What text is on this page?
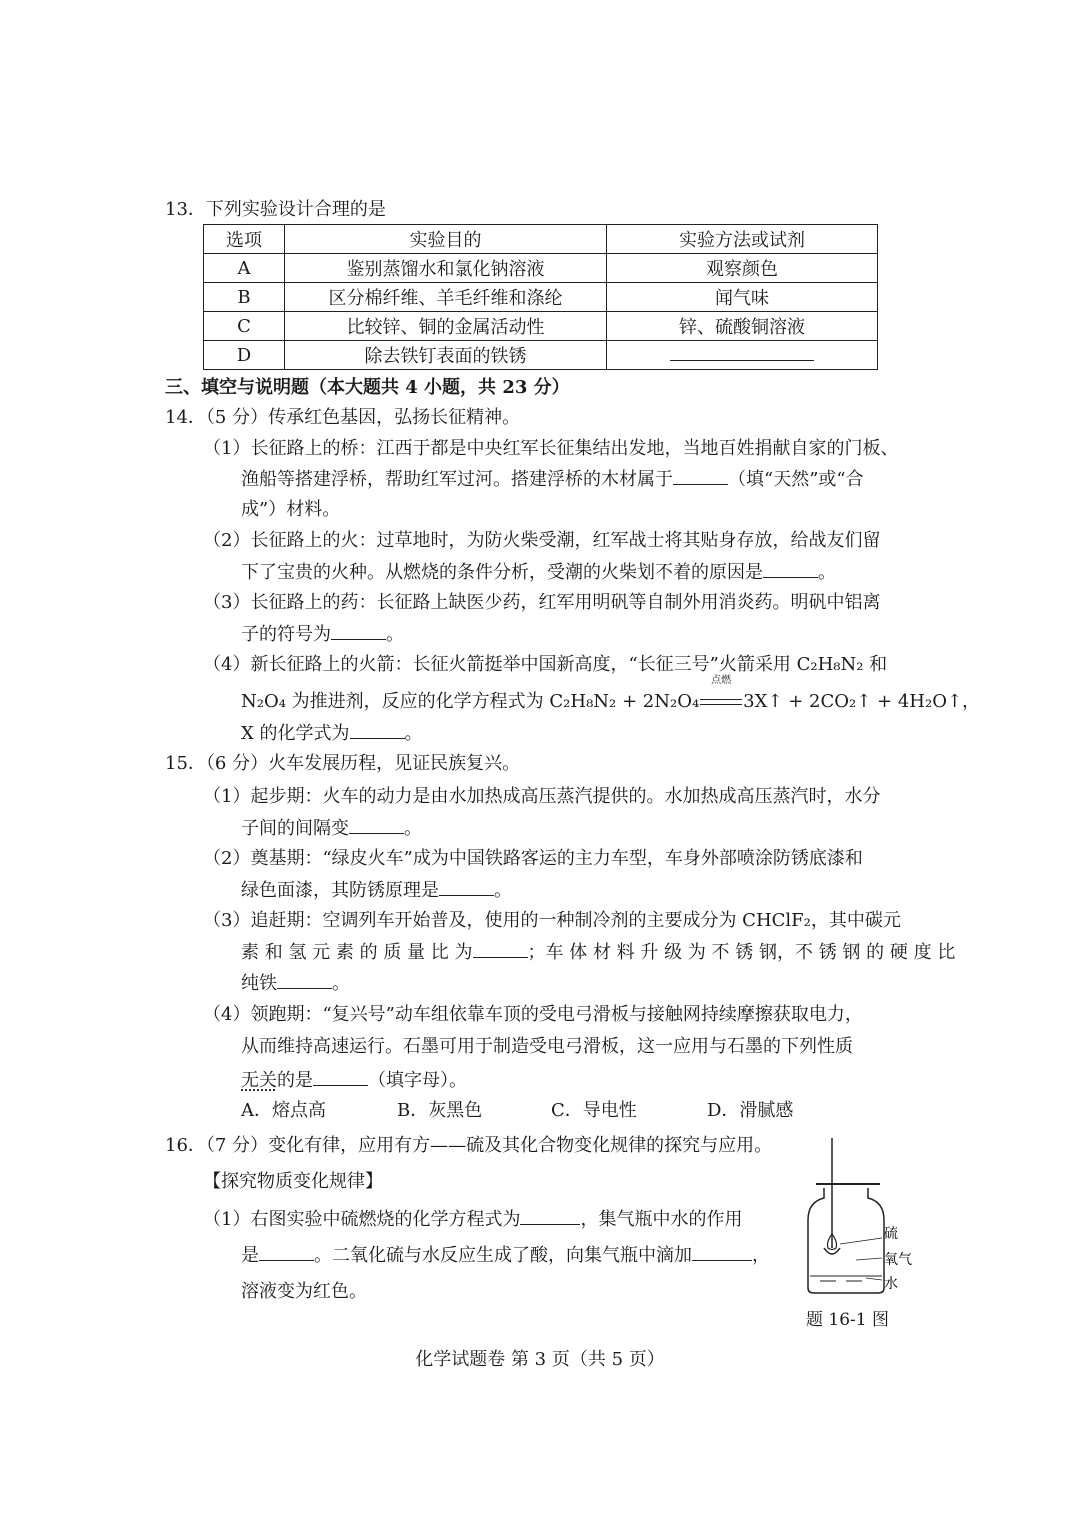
13．下列实验设计合理的是
选项	实验目的	实验方法或试剂
A	鉴别蒸馏水和氯化钠溶液	观察颜色
B	区分棉纤维、羊毛纤维和涤纶	闻气味
C	比较锌、铜的金属活动性	锌、硫酸铜溶液
D	除去铁钉表面的铁锈	
三、填空与说明题（本大题共 4 小题，共 23 分）
14．（5 分）传承红色基因，弘扬长征精神。
（1）长征路上的桥：江西于都是中央红军长征集结出发地，当地百姓捐献自家的门板、
渔船等搭建浮桥，帮助红军过河。搭建浮桥的木材属于	（填“天然”或“合
成”）材料。
（2）长征路上的火：过草地时，为防火柴受潮，红军战士将其贴身存放，给战友们留
下了宝贵的火种。从燃烧的条件分析，受潮的火柴划不着的原因是	。
（3）长征路上的药：长征路上缺医少药，红军用明矾等自制外用消炎药。明矾中铝离
子的符号为	。
（4）新长征路上的火箭：长征火箭挺举中国新高度，“长征三号”火箭采用 C₂H₈N₂ 和
N₂O₄ 为推进剂，反应的化学方程式为 C₂H₈N₂ + 2N₂O₄
点燃
3X↑ + 2CO₂↑ + 4H₂O↑，
X 的化学式为	。
15．（6 分）火车发展历程，见证民族复兴。
（1）起步期：火车的动力是由水加热成高压蒸汽提供的。水加热成高压蒸汽时，水分
子间的间隔变	。
（2）奠基期：“绿皮火车”成为中国铁路客运的主力车型，车身外部喷涂防锈底漆和
绿色面漆，其防锈原理是	。
（3）追赶期：空调列车开始普及，使用的一种制冷剂的主要成分为 CHClF₂，其中碳元
素 和 氢 元 素 的 质 量 比 为	；车 体 材 料 升 级 为 不 锈 钢，不 锈 钢 的 硬 度 比
纯铁	。
（4）领跑期：“复兴号”动车组依靠车顶的受电弓滑板与接触网持续摩擦获取电力，
从而维持高速运行。石墨可用于制造受电弓滑板，这一应用与石墨的下列性质
无关的是	（填字母）。
A．熔点高	B．灰黑色	C．导电性	D．滑腻感
16．（7 分）变化有律，应用有方——硫及其化合物变化规律的探究与应用。
【探究物质变化规律】
（1）右图实验中硫燃烧的化学方程式为	，集气瓶中水的作用
是	。二氧化硫与水反应生成了酸，向集气瓶中滴加	，
溶液变为红色。
硫
氧气
水
题 16-1 图
化学试题卷 第 3 页（共 5 页）
